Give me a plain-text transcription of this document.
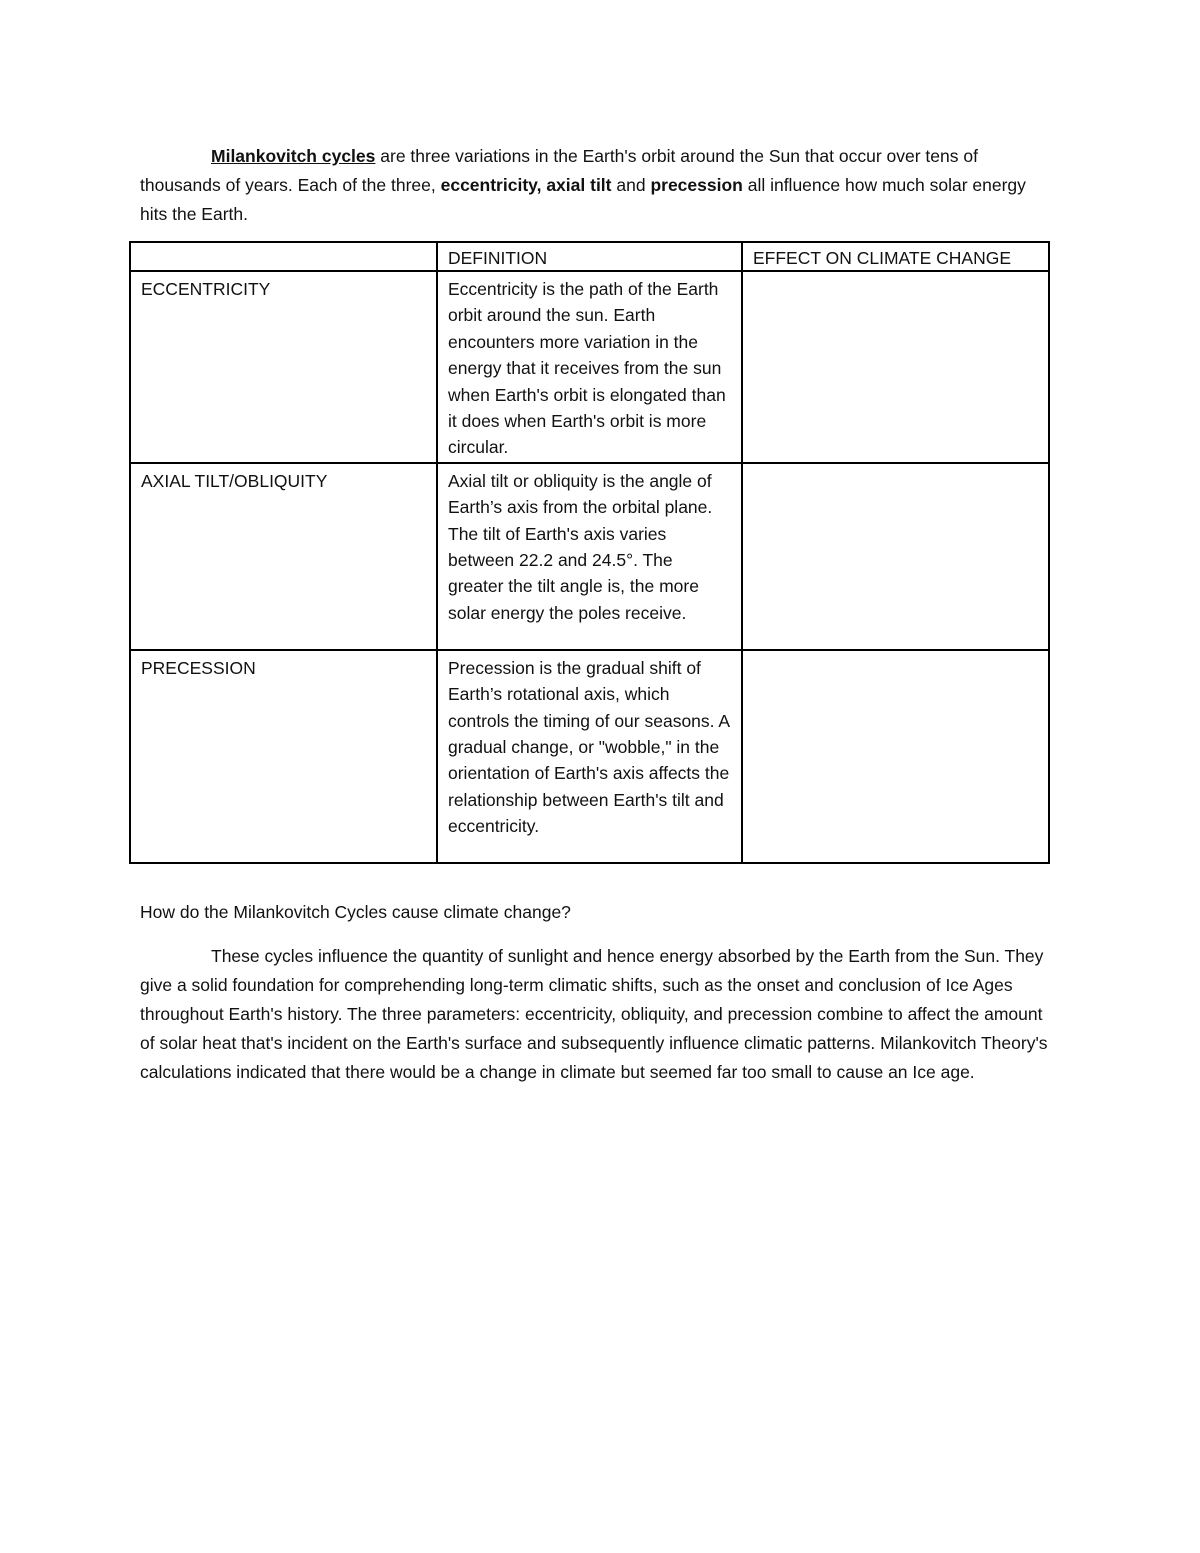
Milankovitch cycles are three variations in the Earth's orbit around the Sun that occur over tens of thousands of years. Each of the three, eccentricity, axial tilt and precession all influence how much solar energy hits the Earth.

	DEFINITION	EFFECT ON CLIMATE CHANGE
ECCENTRICITY	Eccentricity is the path of the Earth orbit around the sun. Earth encounters more variation in the energy that it receives from the sun when Earth's orbit is elongated than it does when Earth's orbit is more circular.	
AXIAL TILT/OBLIQUITY	Axial tilt or obliquity is the angle of Earth’s axis from the orbital plane. The tilt of Earth's axis varies between 22.2 and 24.5°. The greater the tilt angle is, the more solar energy the poles receive.	
PRECESSION	Precession is the gradual shift of Earth’s rotational axis, which controls the timing of our seasons. A gradual change, or "wobble," in the orientation of Earth's axis affects the relationship between Earth's tilt and eccentricity.	

How do the Milankovitch Cycles cause climate change?

These cycles influence the quantity of sunlight and hence energy absorbed by the Earth from the Sun. They give a solid foundation for comprehending long-term climatic shifts, such as the onset and conclusion of Ice Ages throughout Earth's history. The three parameters: eccentricity, obliquity, and precession combine to affect the amount of solar heat that's incident on the Earth's surface and subsequently influence climatic patterns. Milankovitch Theory's calculations indicated that there would be a change in climate but seemed far too small to cause an Ice age.
